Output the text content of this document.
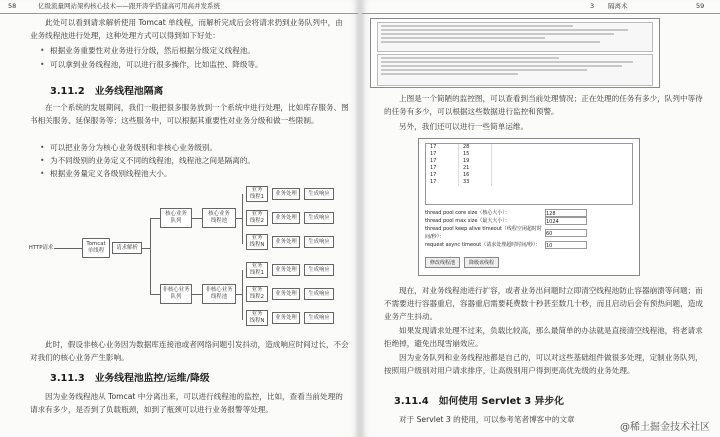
58	亿级流量网站架构核心技术——跟开涛学搭建高可用高并发系统

此处可以看到请求解析使用 Tomcat 单线程，而解析完成后会将请求扔到业务队列中，由业务线程池进行处理，这种处理方式可以得到如下好处：

• 根据业务重要性对业务进行分级，然后根据分级定义线程池。
• 可以拿到业务线程池，可以进行很多操作，比如监控、降级等。
3.11.2 业务线程池隔离

在一个系统的发展期间，我们一般把很多服务放到一个系统中进行处理，比如库存服务、图书相关服务、延保服务等；这些服务中，可以根据其重要性对业务分级和做一些限制。

• 可以把业务分为核心业务级别和非核心业务级别。
• 为不同级别的业务定义不同的线程池，线程池之间是隔离的。
• 根据业务量定义各级别线程池大小。
HTTP请求
Tomcat
单线程
请求解析
核心业务
队列
核心业务
线程池
非核心业务
队列
非核心业务
线程池
业务
线程1
业务处理	生成响应
业务
线程2
业务处理	生成响应
业务
线程N
业务处理	生成响应
业务
线程1
业务处理	生成响应
业务
线程2
业务处理	生成响应
业务
线程N
业务处理	生成响应

此时，假设非核心业务因为数据库连接池或者网络问题引发抖动，造成响应时间过长，不会对我们的核心业务产生影响。

3.11.3 业务线程池监控/运维/降级

因为业务线程池从 Tomcat 中分离出来，可以进行线程池的监控，比如，查看当前处理的请求有多少，是否到了负载瓶颈，如到了瓶颈可以进行业务报警等处理。

3 隔离术	59

上图是一个简陋的监控图，可以查看到当前处理情况；正在处理的任务有多少，队列中等待的任务有多少，可以根据这些数据进行监控和预警。

另外，我们还可以进行一些简单运维。

17	28
17	15
17	19
17	21
17	16
17	33
thread pool core size（核心大小）：	128
thread pool max size（最大大小）：	1024
thread pool keep alive timeout（线程空闲超时时间/秒）：	60
request async timeout（请求处理超时时间/秒）：	10
修改线程池	降级该线程

现在，对业务线程池进行扩容，或者业务出问题时立即清空线程池防止容器崩溃等问题；而不需要进行容器重启，容器重启需要耗费数十秒甚至数几十秒，而且启动后会有预热问题，造成业务产生抖动。

如果发现请求处理不过来，负载比较高，那么最简单的办法就是直接清空线程池，将老请求拒绝掉，避免出现雪崩效应。

因为业务队列和业务线程池都是自己的，可以对这些基础组件做很多处理，定制业务队列，按照用户级别对用户请求排序，让高级别用户得到更高优先级的业务处理。

3.11.4 如何使用 Servlet 3 异步化

对于 Servlet 3 的使用，可以参考笔者博客中的文章

@稀土掘金技术社区
